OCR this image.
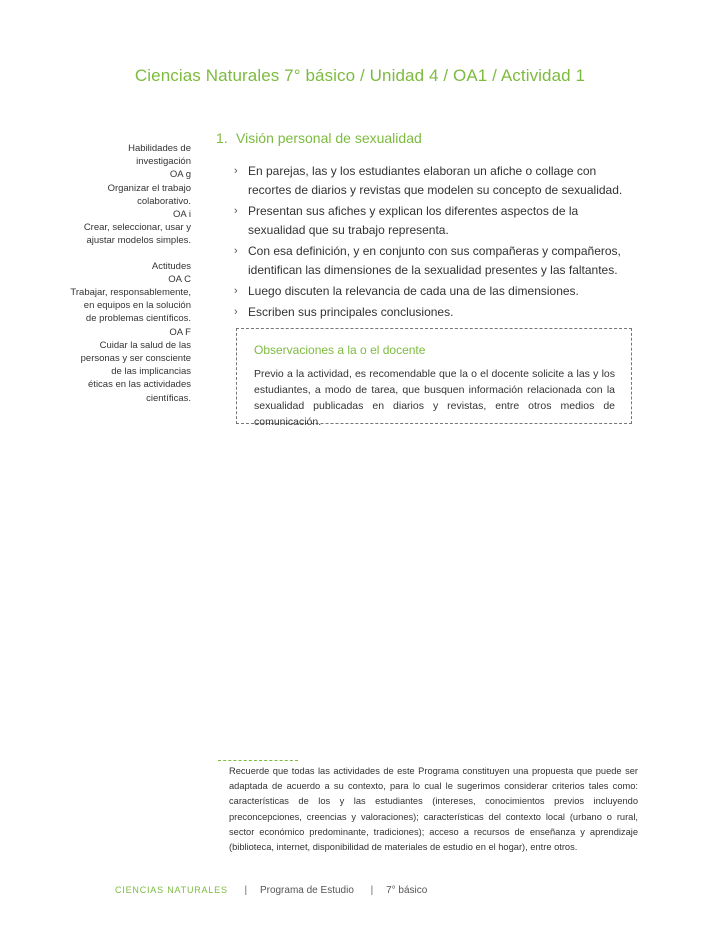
Ciencias Naturales 7° básico / Unidad 4 / OA1 / Actividad 1
Habilidades de
investigación
OA g
Organizar el trabajo
colaborativo.
OA i
Crear, seleccionar, usar y
ajustar modelos simples.
Actitudes
OA C
Trabajar, responsablemente,
en equipos en la solución
de problemas científicos.
OA F
Cuidar la salud de las
personas y ser consciente
de las implicancias
éticas en las actividades
científicas.
1. Visión personal de sexualidad
› En parejas, las y los estudiantes elaboran un afiche o collage con recortes de diarios y revistas que modelen su concepto de sexualidad.
› Presentan sus afiches y explican los diferentes aspectos de la sexualidad que su trabajo representa.
› Con esa definición, y en conjunto con sus compañeras y compañeros, identifican las dimensiones de la sexualidad presentes y las faltantes.
› Luego discuten la relevancia de cada una de las dimensiones.
› Escriben sus principales conclusiones.
Observaciones a la o el docente
Previo a la actividad, es recomendable que la o el docente solicite a las y los estudiantes, a modo de tarea, que busquen información relacionada con la sexualidad publicadas en diarios y revistas, entre otros medios de comunicación.
Recuerde que todas las actividades de este Programa constituyen una propuesta que puede ser adaptada de acuerdo a su contexto, para lo cual le sugerimos considerar criterios tales como: características de los y las estudiantes (intereses, conocimientos previos incluyendo preconcepciones, creencias y valoraciones); características del contexto local (urbano o rural, sector económico predominante, tradiciones); acceso a recursos de enseñanza y aprendizaje (biblioteca, internet, disponibilidad de materiales de estudio en el hogar), entre otros.
CIENCIAS NATURALES | Programa de Estudio | 7° básico
